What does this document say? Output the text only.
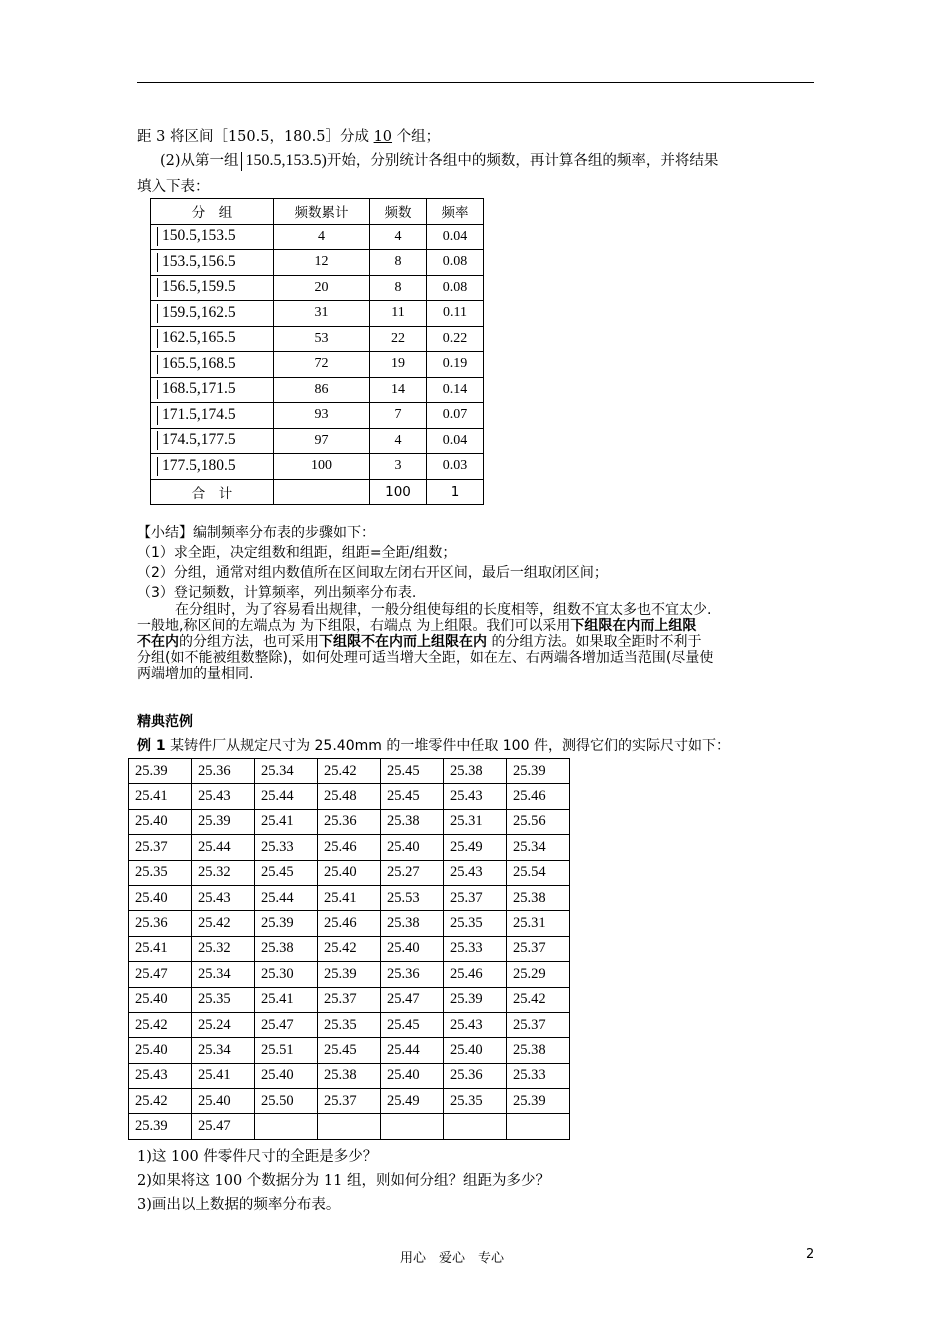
距 3 将区间［150.5，180.5］分成 10 个组；
(2)从第一组 150.5,153.5)开始，分别统计各组中的频数，再计算各组的频率，并将结果
填入下表：
分　组	频数累计	频数	频率
150.5,153.5	4	4	0.04
153.5,156.5	12	8	0.08
156.5,159.5	20	8	0.08
159.5,162.5	31	11	0.11
162.5,165.5	53	22	0.22
165.5,168.5	72	19	0.19
168.5,171.5	86	14	0.14
171.5,174.5	93	7	0.07
174.5,177.5	97	4	0.04
177.5,180.5	100	3	0.03
合　计		100	1
【小结】编制频率分布表的步骤如下：
（1）求全距，决定组数和组距，组距=全距/组数；
（2）分组，通常对组内数值所在区间取左闭右开区间，最后一组取闭区间；
（3）登记频数，计算频率，列出频率分布表.
在分组时，为了容易看出规律，一般分组使每组的长度相等，组数不宜太多也不宜太少.
一般地,称区间的左端点为 为下组限，右端点 为上组限。我们可以采用下组限在内而上组限
不在内的分组方法，也可采用下组限不在内而上组限在内 的分组方法。如果取全距时不利于
分组(如不能被组数整除)，如何处理可适当增大全距，如在左、右两端各增加适当范围(尽量使
两端增加的量相同.
精典范例
例 1 某铸件厂从规定尺寸为 25.40mm 的一堆零件中任取 100 件，测得它们的实际尺寸如下：
25.39	25.36	25.34	25.42	25.45	25.38	25.39
25.41	25.43	25.44	25.48	25.45	25.43	25.46
25.40	25.39	25.41	25.36	25.38	25.31	25.56
25.37	25.44	25.33	25.46	25.40	25.49	25.34
25.35	25.32	25.45	25.40	25.27	25.43	25.54
25.40	25.43	25.44	25.41	25.53	25.37	25.38
25.36	25.42	25.39	25.46	25.38	25.35	25.31
25.41	25.32	25.38	25.42	25.40	25.33	25.37
25.47	25.34	25.30	25.39	25.36	25.46	25.29
25.40	25.35	25.41	25.37	25.47	25.39	25.42
25.42	25.24	25.47	25.35	25.45	25.43	25.37
25.40	25.34	25.51	25.45	25.44	25.40	25.38
25.43	25.41	25.40	25.38	25.40	25.36	25.33
25.42	25.40	25.50	25.37	25.49	25.35	25.39
25.39	25.47					
1)这 100 件零件尺寸的全距是多少？
2)如果将这 100 个数据分为 11 组，则如何分组？组距为多少？
3)画出以上数据的频率分布表。
用心　爱心　专心	2
